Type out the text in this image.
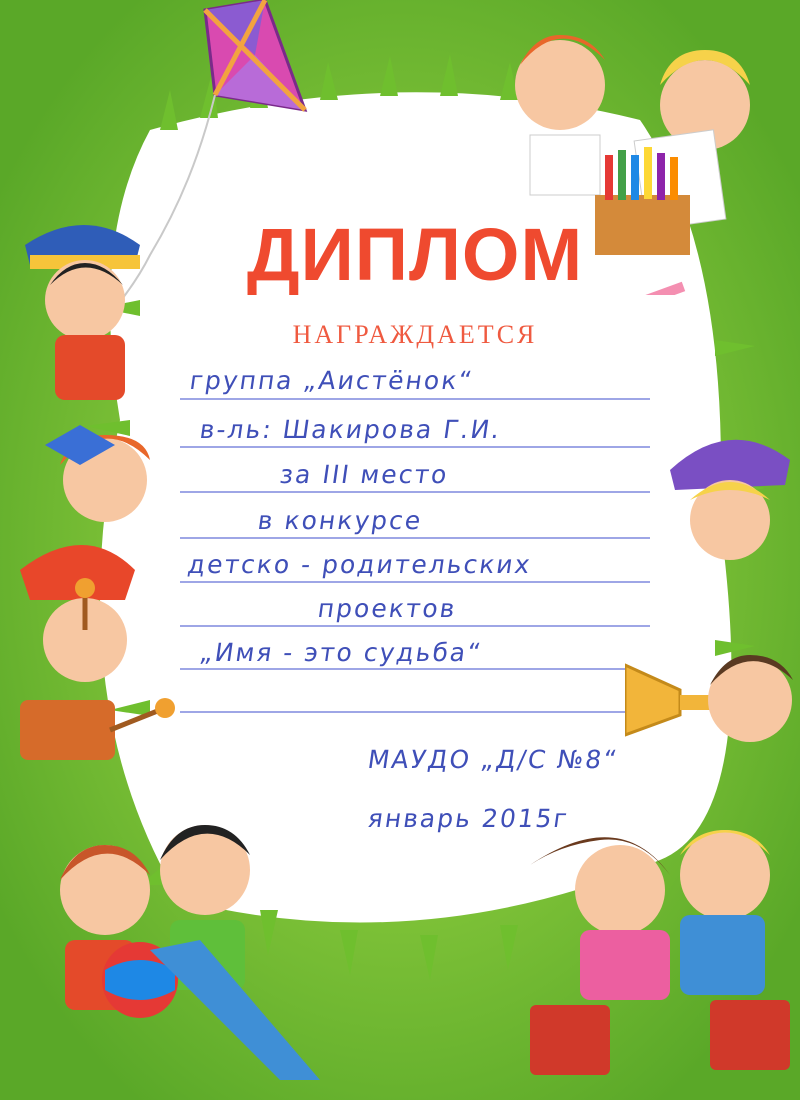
ДИПЛОМ
НАГРАЖДАЕТСЯ
группа „Аистёнок“
в-ль: Шакирова Г.И.
за III место
в конкурсе
детско - родительских
проектов
„Имя - это судьба“
МАУДО „Д/С №8“
январь 2015г
